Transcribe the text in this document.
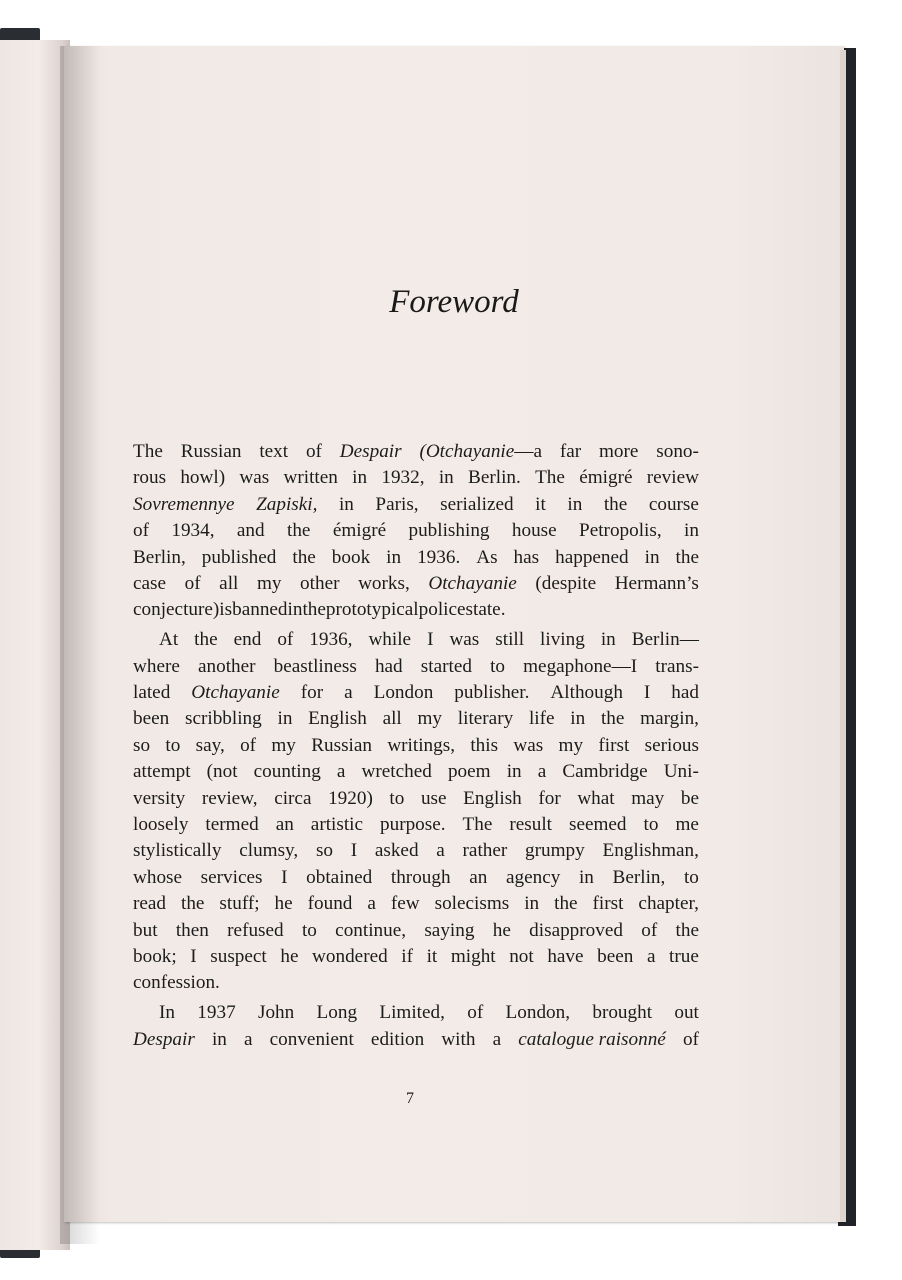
Foreword
The Russian text of Despair (Otchayanie—a far more sono-
rous howl) was written in 1932, in Berlin. The émigré review
Sovremennye Zapiski, in Paris, serialized it in the course
of 1934, and the émigré publishing house Petropolis, in
Berlin, published the book in 1936. As has happened in the
case of all my other works, Otchayanie (despite Hermann’s
conjecture) is banned in the prototypical police state.
At the end of 1936, while I was still living in Berlin—
where another beastliness had started to megaphone—I trans-
lated Otchayanie for a London publisher. Although I had
been scribbling in English all my literary life in the margin,
so to say, of my Russian writings, this was my first serious
attempt (not counting a wretched poem in a Cambridge Uni-
versity review, circa 1920) to use English for what may be
loosely termed an artistic purpose. The result seemed to me
stylistically clumsy, so I asked a rather grumpy Englishman,
whose services I obtained through an agency in Berlin, to
read the stuff; he found a few solecisms in the first chapter,
but then refused to continue, saying he disapproved of the
book; I suspect he wondered if it might not have been a true
confession.
In 1937 John Long Limited, of London, brought out
Despair in a convenient edition with a catalogue raisonné of
7
